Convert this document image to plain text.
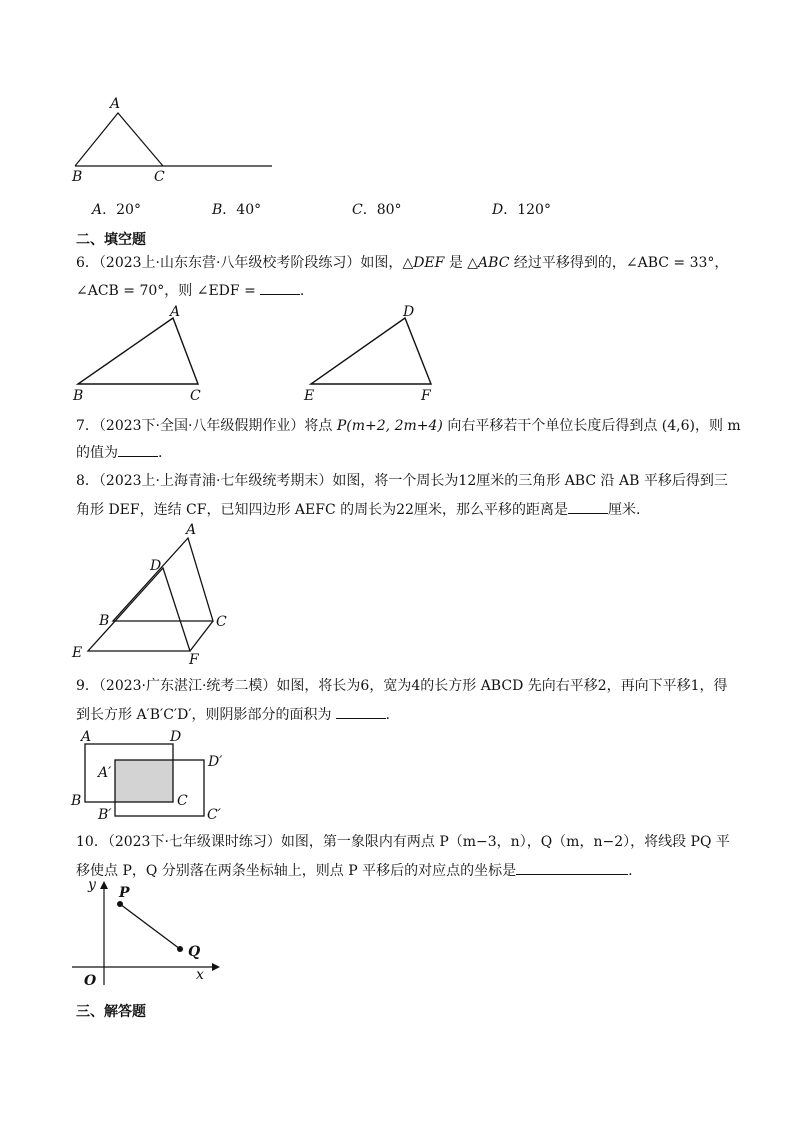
A
B	C
A．20°	B．40°	C．80°	D．120°
二、填空题
6．（2023上·山东东营·八年级校考阶段练习）如图，△DEF 是 △ABC 经过平移得到的，∠ABC = 33°，
∠ACB = 70°，则 ∠EDF =	.
A
B	C
D
E	F
7．（2023下·全国·八年级假期作业）将点 P(m+2, 2m+4) 向右平移若干个单位长度后得到点 (4,6)，则 m
的值为	.
8．（2023上·上海青浦·七年级统考期末）如图，将一个周长为12厘米的三角形 ABC 沿 AB 平移后得到三
角形 DEF，连结 CF，已知四边形 AEFC 的周长为22厘米，那么平移的距离是	厘米.
A
D
B	C
E	F
9．（2023·广东湛江·统考二模）如图，将长为6，宽为4的长方形 ABCD 先向右平移2，再向下平移1，得
到长方形 A′B′C′D′，则阴影部分的面积为	.
A	D
A′
D′
B	C
B′	C′
10．（2023下·七年级课时练习）如图，第一象限内有两点 P（m−3，n），Q（m，n−2），将线段 PQ 平
移使点 P，Q 分别落在两条坐标轴上，则点 P 平移后的对应点的坐标是	.
y P
Q
O	x
三、解答题
